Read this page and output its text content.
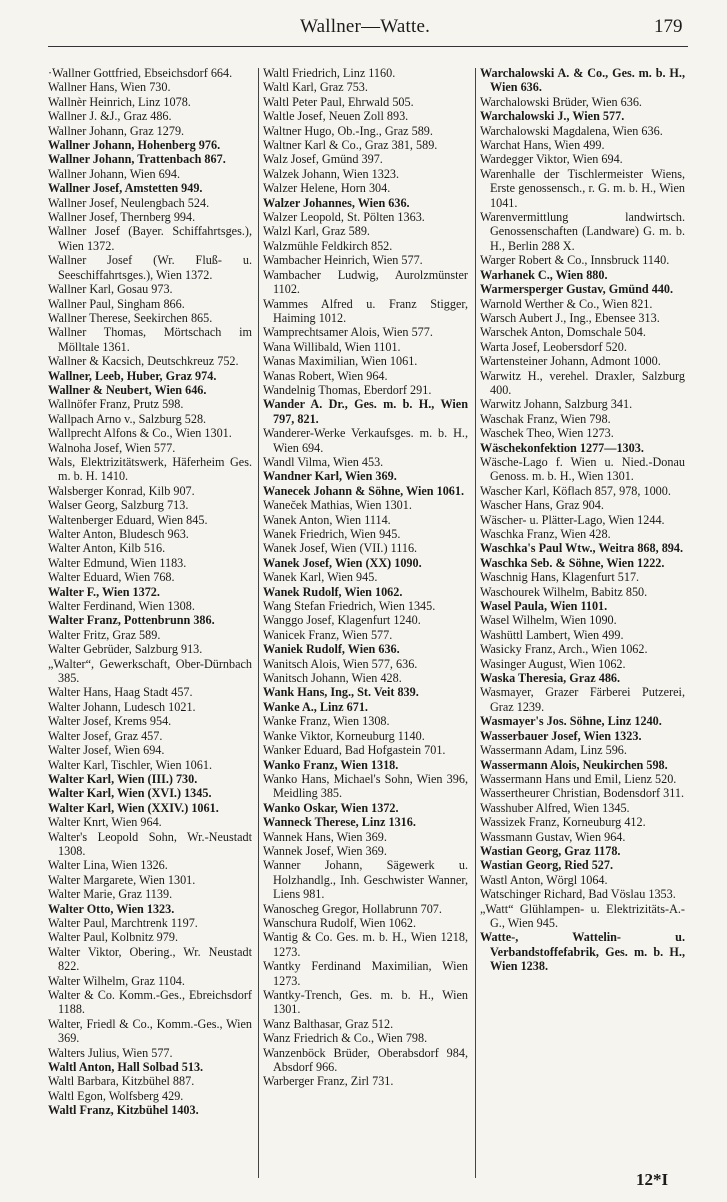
Wallner—Watte.	179
·Wallner Gottfried, Ebseichsdorf 664.
Wallner Hans, Wien 730.
Wallnèr Heinrich, Linz 1078.
Wallner J. &J., Graz 486.
Wallner Johann, Graz 1279.
Wallner Johann, Hohenberg 976.
Wallner Johann, Trattenbach 867.
Wallner Johann, Wien 694.
Wallner Josef, Amstetten 949.
Wallner Josef, Neulengbach 524.
Wallner Josef, Thernberg 994.
Wallner Josef (Bayer. Schiffahrtsges.), Wien 1372.
Wallner Josef (Wr. Fluß- u. Seeschiffahrtsges.), Wien 1372.
Wallner Karl, Gosau 973.
Wallner Paul, Singham 866.
Wallner Therese, Seekirchen 865.
Wallner Thomas, Mörtschach im Mölltale 1361.
Wallner & Kacsich, Deutschkreuz 752.
Wallner, Leeb, Huber, Graz 974.
Wallner & Neubert, Wien 646.
Wallnöfer Franz, Prutz 598.
Wallpach Arno v., Salzburg 528.
Wallprecht Alfons & Co., Wien 1301.
Walnoha Josef, Wien 577.
Wals, Elektrizitätswerk, Häferheim Ges. m. b. H. 1410.
Walsberger Konrad, Kilb 907.
Walser Georg, Salzburg 713.
Waltenberger Eduard, Wien 845.
Walter Anton, Bludesch 963.
Walter Anton, Kilb 516.
Walter Edmund, Wien 1183.
Walter Eduard, Wien 768.
Walter F., Wien 1372.
Walter Ferdinand, Wien 1308.
Walter Franz, Pottenbrunn 386.
Walter Fritz, Graz 589.
Walter Gebrüder, Salzburg 913.
„Walter“, Gewerkschaft, Ober-Dürnbach 385.
Walter Hans, Haag Stadt 457.
Walter Johann, Ludesch 1021.
Walter Josef, Krems 954.
Walter Josef, Graz 457.
Walter Josef, Wien 694.
Walter Karl, Tischler, Wien 1061.
Walter Karl, Wien (III.) 730.
Walter Karl, Wien (XVI.) 1345.
Walter Karl, Wien (XXIV.) 1061.
Walter Knrt, Wien 964.
Walter's Leopold Sohn, Wr.-Neustadt 1308.
Walter Lina, Wien 1326.
Walter Margarete, Wien 1301.
Walter Marie, Graz 1139.
Walter Otto, Wien 1323.
Walter Paul, Marchtrenk 1197.
Walter Paul, Kolbnitz 979.
Walter Viktor, Obering., Wr. Neustadt 822.
Walter Wilhelm, Graz 1104.
Walter & Co. Komm.-Ges., Ebreichsdorf 1188.
Walter, Friedl & Co., Komm.-Ges., Wien 369.
Walters Julius, Wien 577.
Waltl Anton, Hall Solbad 513.
Waltl Barbara, Kitzbühel 887.
Waltl Egon, Wolfsberg 429.
Waltl Franz, Kitzbühel 1403.
Waltl Friedrich, Linz 1160.
Waltl Karl, Graz 753.
Waltl Peter Paul, Ehrwald 505.
Waltle Josef, Neuen Zoll 893.
Waltner Hugo, Ob.-Ing., Graz 589.
Waltner Karl & Co., Graz 381, 589.
Walz Josef, Gmünd 397.
Walzek Johann, Wien 1323.
Walzer Helene, Horn 304.
Walzer Johannes, Wien 636.
Walzer Leopold, St. Pölten 1363.
Walzl Karl, Graz 589.
Walzmühle Feldkirch 852.
Wambacher Heinrich, Wien 577.
Wambacher Ludwig, Aurolzmünster 1102.
Wammes Alfred u. Franz Stigger, Haiming 1012.
Wamprechtsamer Alois, Wien 577.
Wana Willibald, Wien 1101.
Wanas Maximilian, Wien 1061.
Wanas Robert, Wien 964.
Wandelnig Thomas, Eberdorf 291.
Wander A. Dr., Ges. m. b. H., Wien 797, 821.
Wanderer-Werke Verkaufsges. m. b. H., Wien 694.
Wandl Vilma, Wien 453.
Wandner Karl, Wien 369.
Wanecek Johann & Söhne, Wien 1061.
Waneček Mathias, Wien 1301.
Wanek Anton, Wien 1114.
Wanek Friedrich, Wien 945.
Wanek Josef, Wien (VII.) 1116.
Wanek Josef, Wien (XX) 1090.
Wanek Karl, Wien 945.
Wanek Rudolf, Wien 1062.
Wang Stefan Friedrich, Wien 1345.
Wanggo Josef, Klagenfurt 1240.
Wanicek Franz, Wien 577.
Waniek Rudolf, Wien 636.
Wanitsch Alois, Wien 577, 636.
Wanitsch Johann, Wien 428.
Wank Hans, Ing., St. Veit 839.
Wanke A., Linz 671.
Wanke Franz, Wien 1308.
Wanke Viktor, Korneuburg 1140.
Wanker Eduard, Bad Hofgastein 701.
Wanko Franz, Wien 1318.
Wanko Hans, Michael's Sohn, Wien 396, Meidling 385.
Wanko Oskar, Wien 1372.
Wanneck Therese, Linz 1316.
Wannek Hans, Wien 369.
Wannek Josef, Wien 369.
Wanner Johann, Sägewerk u. Holzhandlg., Inh. Geschwister Wanner, Liens 981.
Wanoscheg Gregor, Hollabrunn 707.
Wanschura Rudolf, Wien 1062.
Wantig & Co. Ges. m. b. H., Wien 1218, 1273.
Wantky Ferdinand Maximilian, Wien 1273.
Wantky-Trench, Ges. m. b. H., Wien 1301.
Wanz Balthasar, Graz 512.
Wanz Friedrich & Co., Wien 798.
Wanzenböck Brüder, Oberabsdorf 984, Absdorf 966.
Warberger Franz, Zirl 731.
Warchalowski A. & Co., Ges. m. b. H., Wien 636.
Warchalowski Brüder, Wien 636.
Warchalowski J., Wien 577.
Warchalowski Magdalena, Wien 636.
Warchat Hans, Wien 499.
Wardegger Viktor, Wien 694.
Warenhalle der Tischlermeister Wiens, Erste genossensch., r. G. m. b. H., Wien 1041.
Warenvermittlung landwirtsch. Genossenschaften (Landware) G. m. b. H., Berlin 288 X.
Warger Robert & Co., Innsbruck 1140.
Warhanek C., Wien 880.
Warmersperger Gustav, Gmünd 440.
Warnold Werther & Co., Wien 821.
Warsch Aubert J., Ing., Ebensee 313.
Warschek Anton, Domschale 504.
Warta Josef, Leobersdorf 520.
Wartensteiner Johann, Admont 1000.
Warwitz H., verehel. Draxler, Salzburg 400.
Warwitz Johann, Salzburg 341.
Waschak Franz, Wien 798.
Waschek Theo, Wien 1273.
Wäschekonfektion 1277—1303.
Wäsche-Lago f. Wien u. Nied.-Donau Genoss. m. b. H., Wien 1301.
Wascher Karl, Köflach 857, 978, 1000.
Wascher Hans, Graz 904.
Wäscher- u. Plätter-Lago, Wien 1244.
Waschka Franz, Wien 428.
Waschka's Paul Wtw., Weitra 868, 894.
Waschka Seb. & Söhne, Wien 1222.
Waschnig Hans, Klagenfurt 517.
Waschourek Wilhelm, Babitz 850.
Wasel Paula, Wien 1101.
Wasel Wilhelm, Wien 1090.
Washüttl Lambert, Wien 499.
Wasicky Franz, Arch., Wien 1062.
Wasinger August, Wien 1062.
Waska Theresia, Graz 486.
Wasmayer, Grazer Färberei Putzerei, Graz 1239.
Wasmayer's Jos. Söhne, Linz 1240.
Wasserbauer Josef, Wien 1323.
Wassermann Adam, Linz 596.
Wassermann Alois, Neukirchen 598.
Wassermann Hans und Emil, Lienz 520.
Wassertheurer Christian, Bodensdorf 311.
Wasshuber Alfred, Wien 1345.
Wassizek Franz, Korneuburg 412.
Wassmann Gustav, Wien 964.
Wastian Georg, Graz 1178.
Wastian Georg, Ried 527.
Wastl Anton, Wörgl 1064.
Watschinger Richard, Bad Vöslau 1353.
„Watt“ Glühlampen- u. Elektrizitäts-A.-G., Wien 945.
Watte-, Wattelin- u. Verbandstoffefabrik, Ges. m. b. H., Wien 1238.
12*I
